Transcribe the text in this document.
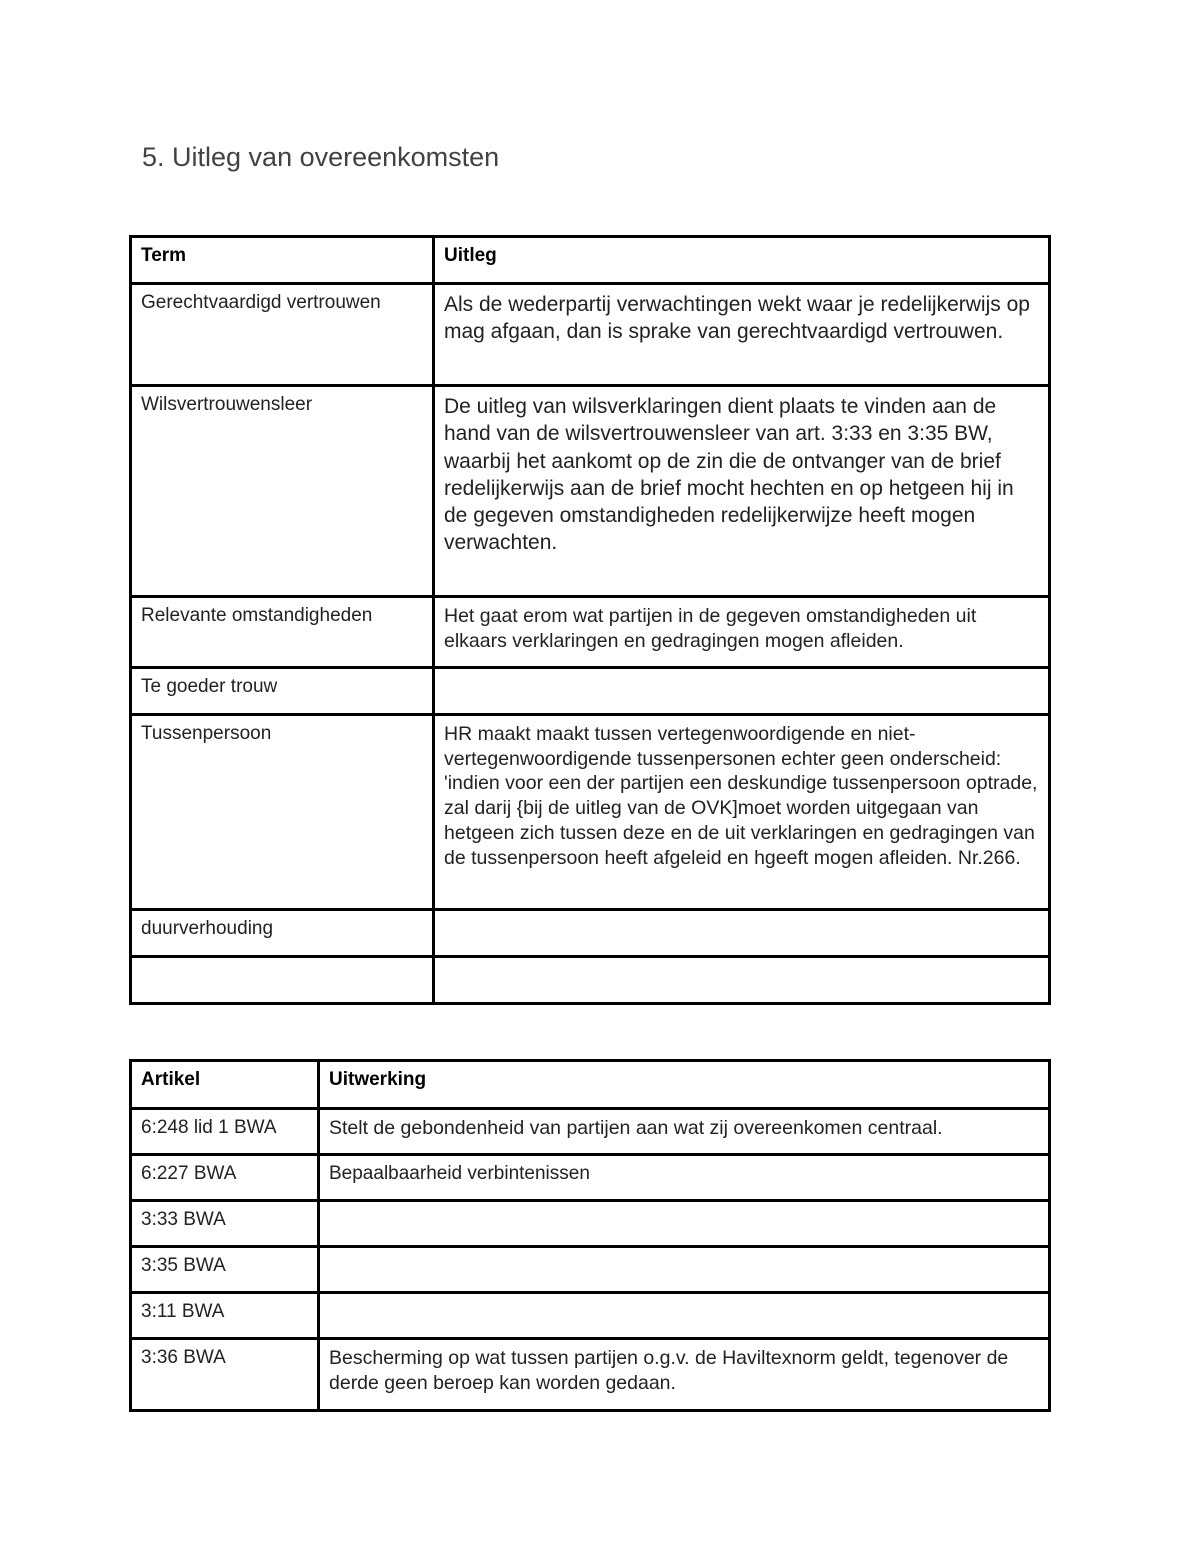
5. Uitleg van overeenkomsten
Term	Uitleg
Gerechtvaardigd vertrouwen	Als de wederpartij verwachtingen wekt waar je redelijkerwijs op mag afgaan, dan is sprake van gerechtvaardigd vertrouwen.
Wilsvertrouwensleer	De uitleg van wilsverklaringen dient plaats te vinden aan de hand van de wilsvertrouwensleer van art. 3:33 en 3:35 BW, waarbij het aankomt op de zin die de ontvanger van de brief redelijkerwijs aan de brief mocht hechten en op hetgeen hij in de gegeven omstandigheden redelijkerwijze heeft mogen verwachten.
Relevante omstandigheden	Het gaat erom wat partijen in de gegeven omstandigheden uit elkaars verklaringen en gedragingen mogen afleiden.
Te goeder trouw	
Tussenpersoon	HR maakt maakt tussen vertegenwoordigende en niet-vertegenwoordigende tussenpersonen echter geen onderscheid: 'indien voor een der partijen een deskundige tussenpersoon optrade, zal darij {bij de uitleg van de OVK]moet worden uitgegaan van hetgeen zich tussen deze en de uit verklaringen en gedragingen van de tussenpersoon heeft afgeleid en hgeeft mogen afleiden. Nr.266.
duurverhouding	

Artikel	Uitwerking
6:248 lid 1 BWA	Stelt de gebondenheid van partijen aan wat zij overeenkomen centraal.
6:227 BWA	Bepaalbaarheid verbintenissen
3:33 BWA	
3:35 BWA	
3:11 BWA	
3:36 BWA	Bescherming op wat tussen partijen o.g.v. de Haviltexnorm geldt, tegenover de derde geen beroep kan worden gedaan.
